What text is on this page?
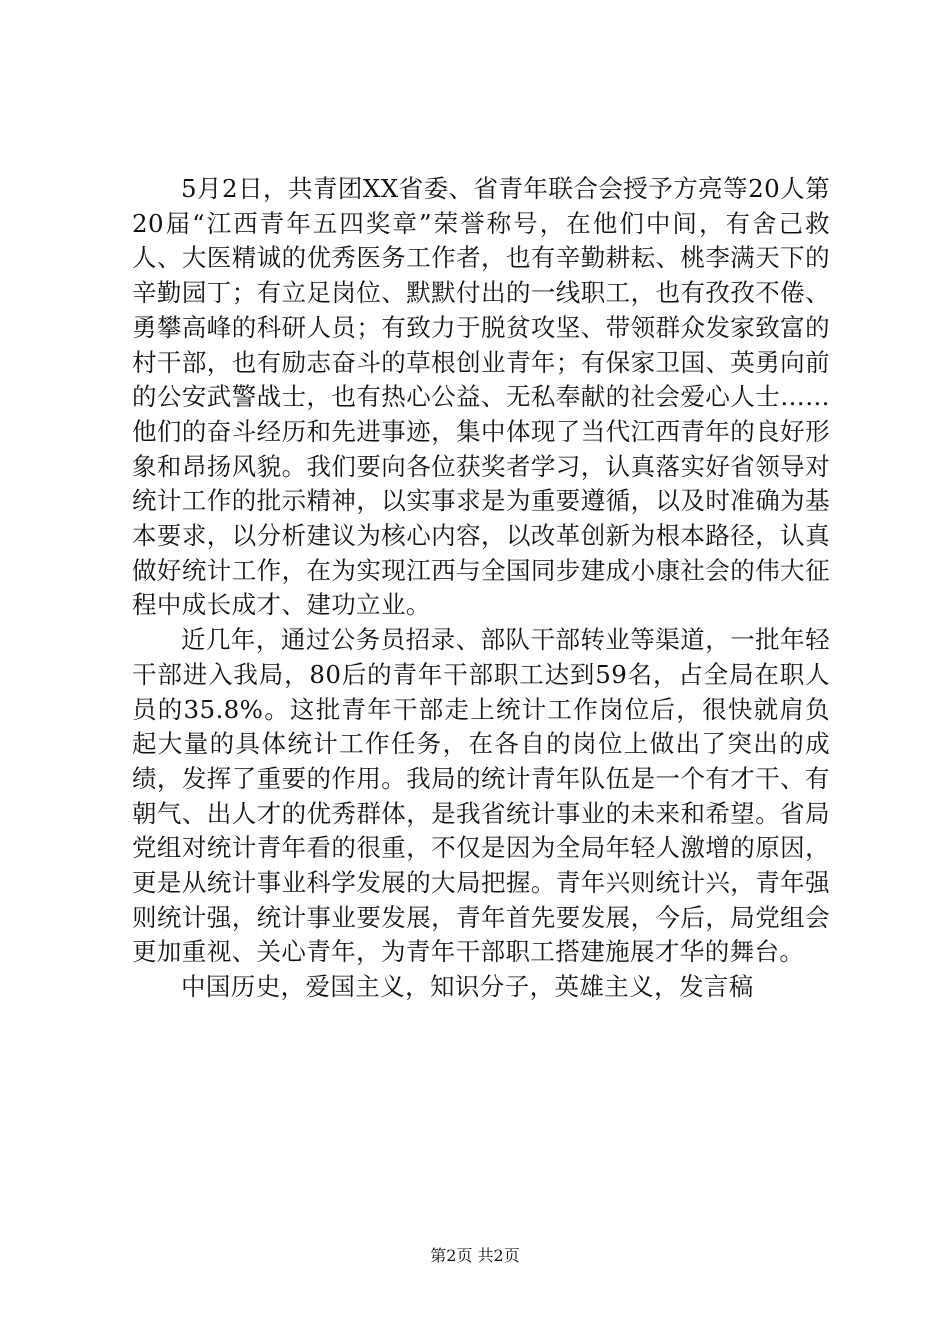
5月2日，共青团XX省委、省青年联合会授予方亮等20人第20届“江西青年五四奖章”荣誉称号，在他们中间，有舍己救人、大医精诚的优秀医务工作者，也有辛勤耕耘、桃李满天下的辛勤园丁；有立足岗位、默默付出的一线职工，也有孜孜不倦、勇攀高峰的科研人员；有致力于脱贫攻坚、带领群众发家致富的村干部，也有励志奋斗的草根创业青年；有保家卫国、英勇向前的公安武警战士，也有热心公益、无私奉献的社会爱心人士……他们的奋斗经历和先进事迹，集中体现了当代江西青年的良好形象和昂扬风貌。我们要向各位获奖者学习，认真落实好省领导对统计工作的批示精神，以实事求是为重要遵循，以及时准确为基本要求，以分析建议为核心内容，以改革创新为根本路径，认真做好统计工作，在为实现江西与全国同步建成小康社会的伟大征程中成长成才、建功立业。

近几年，通过公务员招录、部队干部转业等渠道，一批年轻干部进入我局，80后的青年干部职工达到59名，占全局在职人员的35.8%。这批青年干部走上统计工作岗位后，很快就肩负起大量的具体统计工作任务，在各自的岗位上做出了突出的成绩，发挥了重要的作用。我局的统计青年队伍是一个有才干、有朝气、出人才的优秀群体，是我省统计事业的未来和希望。省局党组对统计青年看的很重，不仅是因为全局年轻人激增的原因，更是从统计事业科学发展的大局把握。青年兴则统计兴，青年强则统计强，统计事业要发展，青年首先要发展，今后，局党组会更加重视、关心青年，为青年干部职工搭建施展才华的舞台。

中国历史，爱国主义，知识分子，英雄主义，发言稿

第2页 共2页
